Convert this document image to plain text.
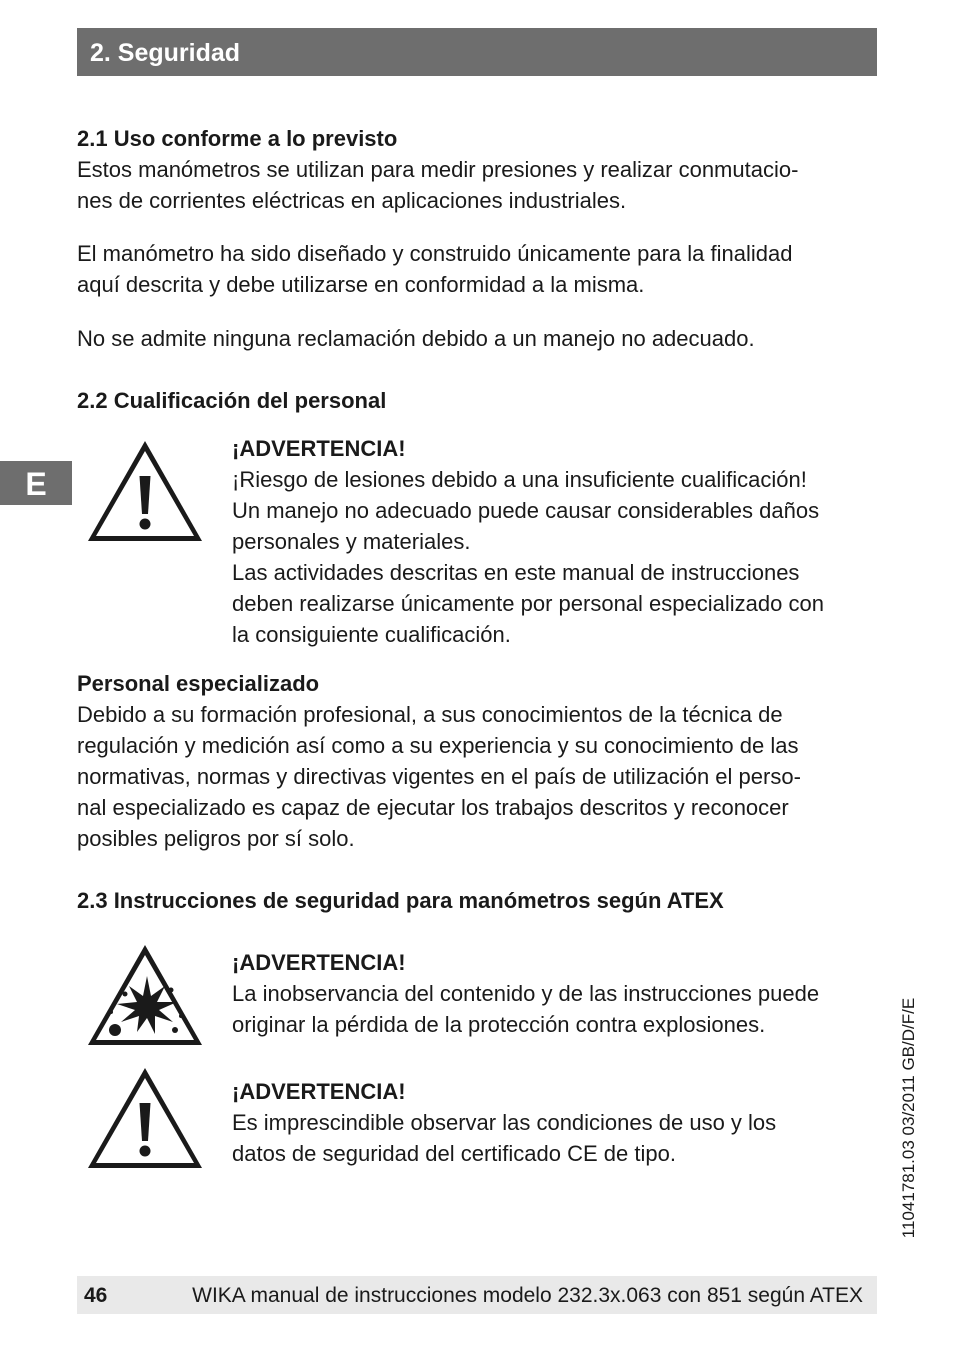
2. Seguridad
E
2.1 Uso conforme a lo previsto
Estos manómetros se utilizan para medir presiones y realizar conmutacio-
nes de corrientes eléctricas en aplicaciones industriales.
El manómetro ha sido diseñado y construido únicamente para la finalidad
aquí descrita y debe utilizarse en conformidad a la misma.
No se admite ninguna reclamación debido a un manejo no adecuado.
2.2 Cualificación del personal
¡ADVERTENCIA!
¡Riesgo de lesiones debido a una insuficiente cualificación!
Un manejo no adecuado puede causar considerables daños
personales y materiales.
Las actividades descritas en este manual de instrucciones
deben realizarse únicamente por personal especializado con
la consiguiente cualificación.
Personal especializado
Debido a su formación profesional, a sus conocimientos de la técnica de
regulación y medición así como a su experiencia y su conocimiento de las
normativas, normas y directivas vigentes en el país de utilización el perso-
nal especializado es capaz de ejecutar los trabajos descritos y reconocer
posibles peligros por sí solo.
2.3 Instrucciones de seguridad para manómetros según ATEX
¡ADVERTENCIA!
La inobservancia del contenido y de las instrucciones puede
originar la pérdida de la protección contra explosiones.
¡ADVERTENCIA!
Es imprescindible observar las condiciones de uso y los
datos de seguridad del certificado CE de tipo.	11041781.03 03/2011 GB/D/F/E
46	WIKA manual de instrucciones modelo 232.3x.063 con 851 según ATEX
